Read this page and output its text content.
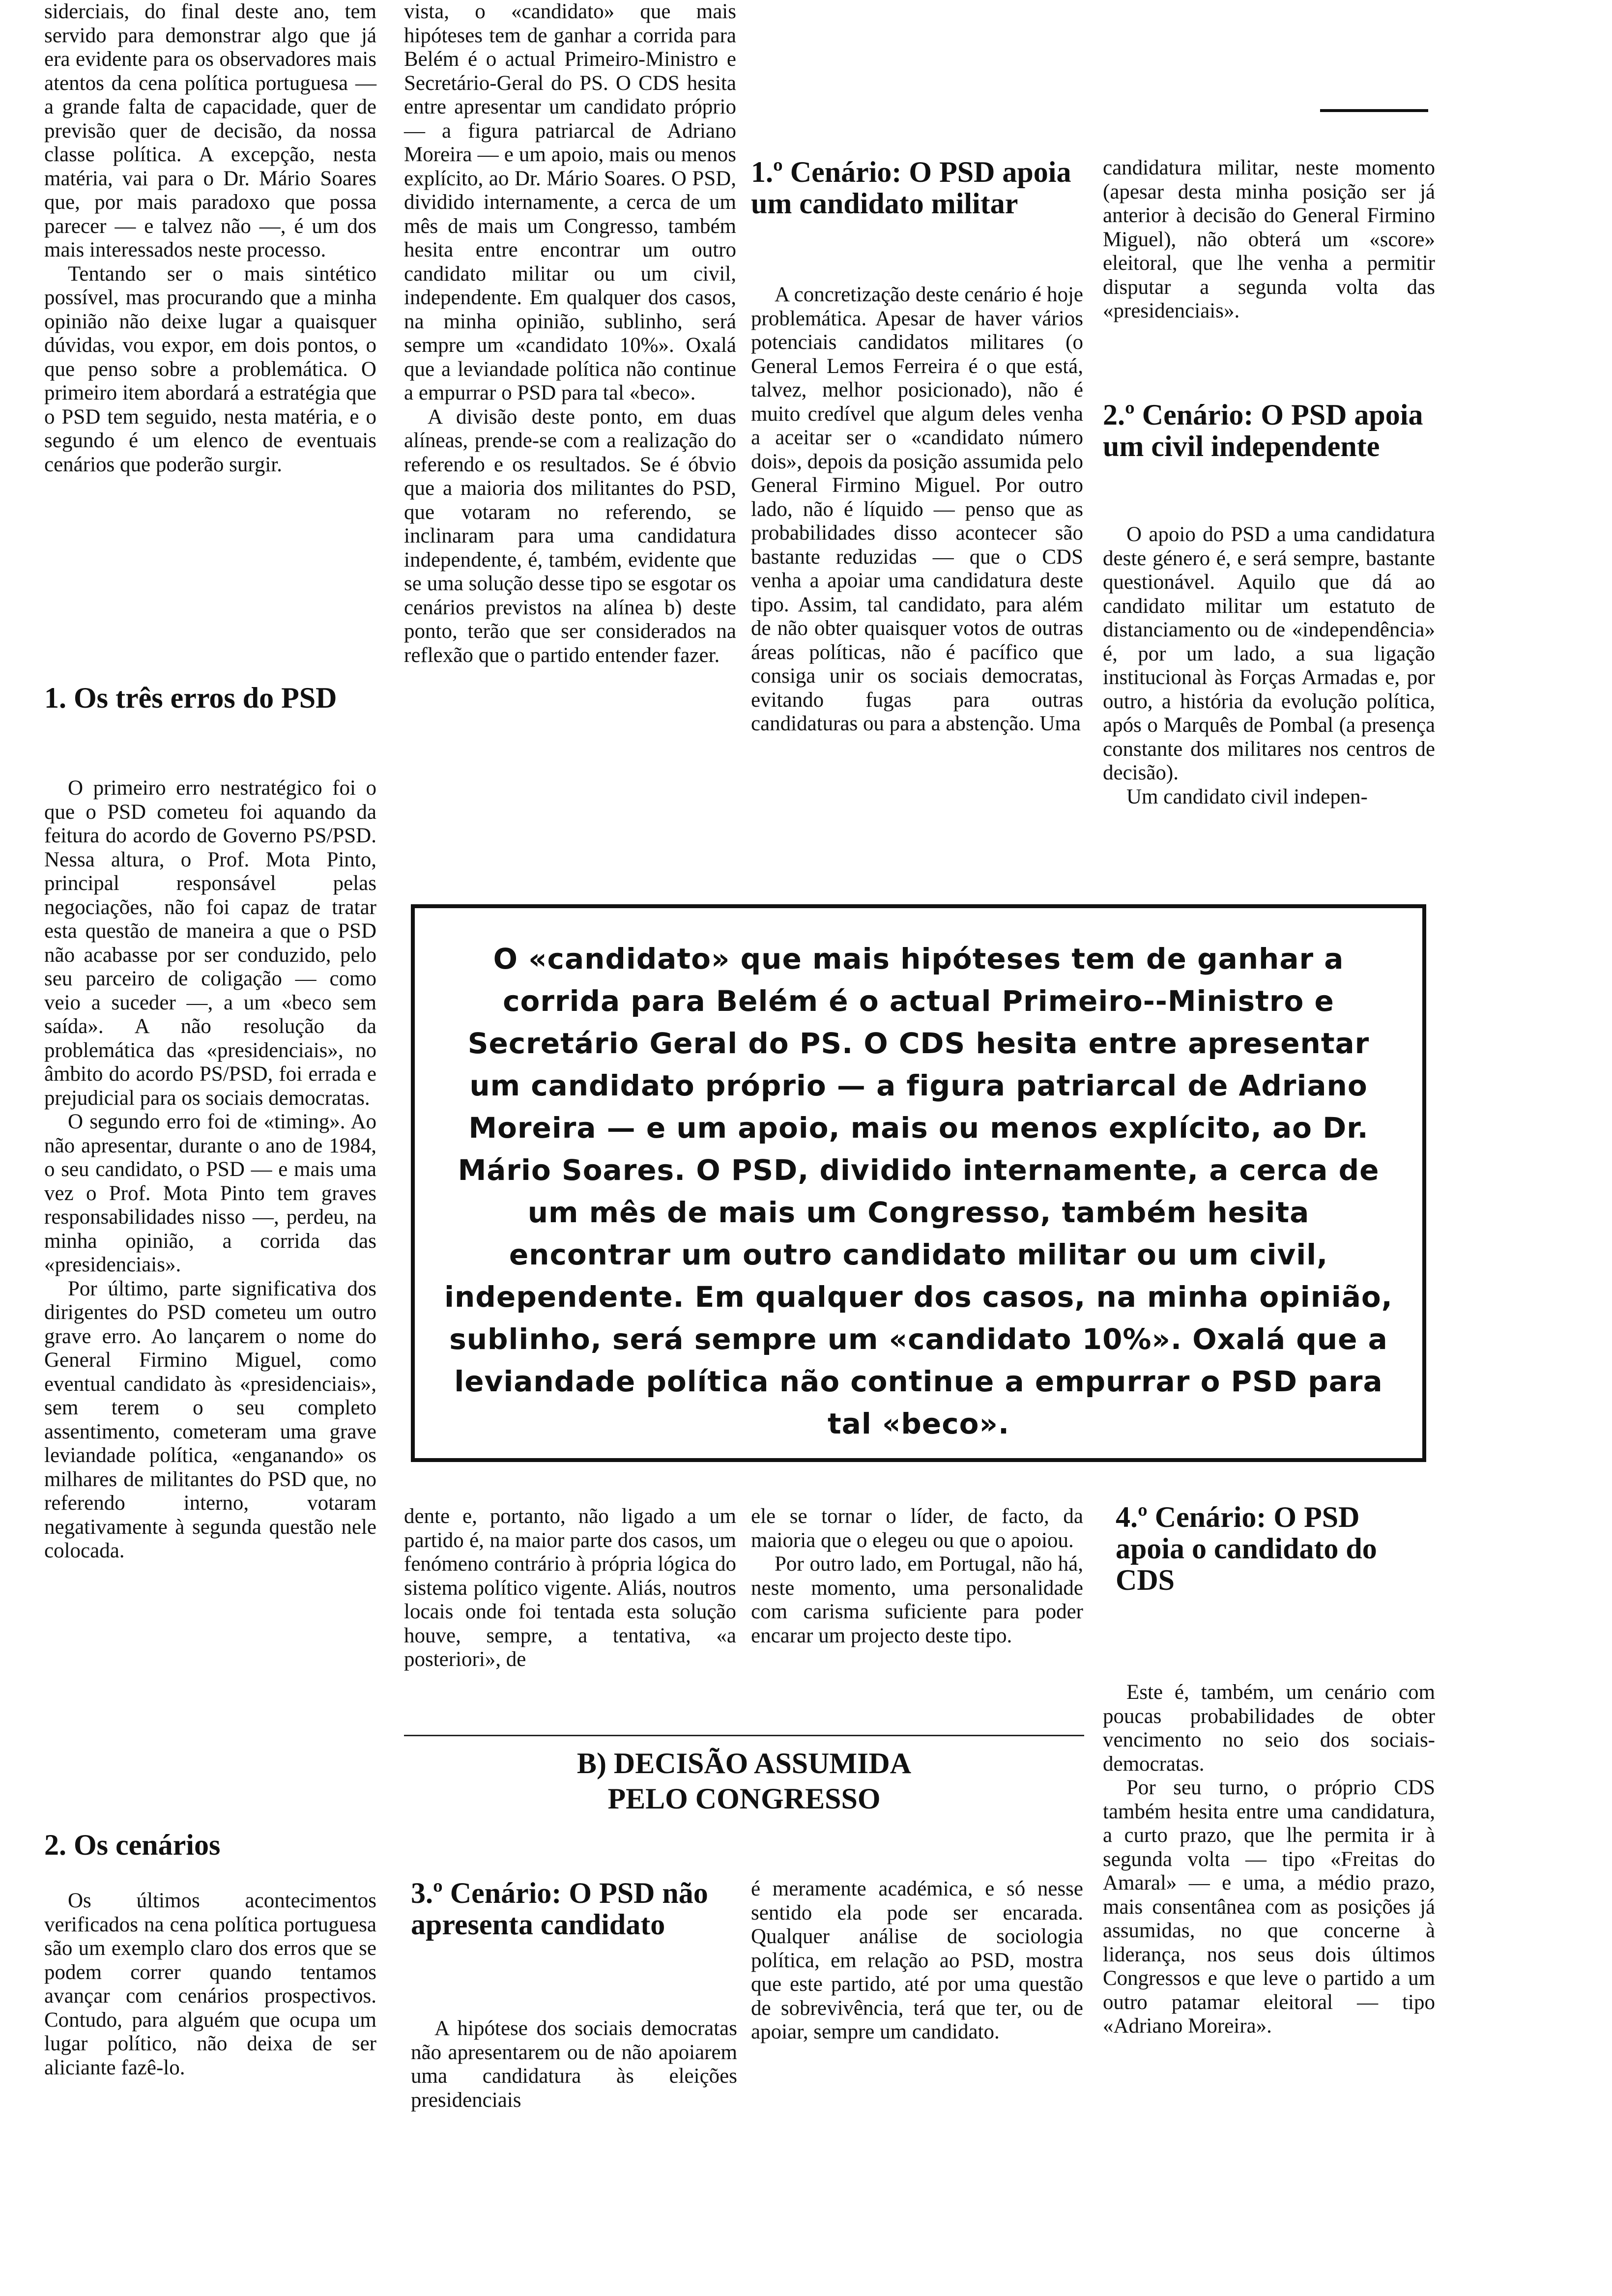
siderciais, do final deste ano, tem servido para demonstrar algo que já era evidente para os observadores mais atentos da cena política portuguesa — a grande falta de capacidade, quer de previsão quer de decisão, da nossa classe política. A excepção, nesta matéria, vai para o Dr. Mário Soares que, por mais paradoxo que possa parecer — e talvez não —, é um dos mais interessados neste processo.

Tentando ser o mais sintético possível, mas procurando que a minha opinião não deixe lugar a quaisquer dúvidas, vou expor, em dois pontos, o que penso sobre a problemática. O primeiro item abordará a estratégia que o PSD tem seguido, nesta matéria, e o segundo é um elenco de eventuais cenários que poderão surgir.

1. Os três erros do PSD

O primeiro erro nestratégico foi o que o PSD cometeu foi aquando da feitura do acordo de Governo PS/PSD. Nessa altura, o Prof. Mota Pinto, principal responsável pelas negociações, não foi capaz de tratar esta questão de maneira a que o PSD não acabasse por ser conduzido, pelo seu parceiro de coligação — como veio a suceder —, a um «beco sem saída». A não resolução da problemática das «presidenciais», no âmbito do acordo PS/PSD, foi errada e prejudicial para os sociais democratas.

O segundo erro foi de «timing». Ao não apresentar, durante o ano de 1984, o seu candidato, o PSD — e mais uma vez o Prof. Mota Pinto tem graves responsabilidades nisso —, perdeu, na minha opinião, a corrida das «presidenciais».

Por último, parte significativa dos dirigentes do PSD cometeu um outro grave erro. Ao lançarem o nome do General Firmino Miguel, como eventual candidato às «presidenciais», sem terem o seu completo assentimento, cometeram uma grave leviandade política, «enganando» os milhares de militantes do PSD que, no referendo interno, votaram negativamente à segunda questão nele colocada.

2. Os cenários

Os últimos acontecimentos verificados na cena política portuguesa são um exemplo claro dos erros que se podem correr quando tentamos avançar com cenários prospectivos. Contudo, para alguém que ocupa um lugar político, não deixa de ser aliciante fazê-lo.

vista, o «candidato» que mais hipóteses tem de ganhar a corrida para Belém é o actual Primeiro-Ministro e Secretário-Geral do PS. O CDS hesita entre apresentar um candidato próprio — a figura patriarcal de Adriano Moreira — e um apoio, mais ou menos explícito, ao Dr. Mário Soares. O PSD, dividido internamente, a cerca de um mês de mais um Congresso, também hesita entre encontrar um outro candidato militar ou um civil, independente. Em qualquer dos casos, na minha opinião, sublinho, será sempre um «candidato 10%». Oxalá que a leviandade política não continue a empurrar o PSD para tal «beco».

A divisão deste ponto, em duas alíneas, prende-se com a realização do referendo e os resultados. Se é óbvio que a maioria dos militantes do PSD, que votaram no referendo, se inclinaram para uma candidatura independente, é, também, evidente que se uma solução desse tipo se esgotar os cenários previstos na alínea b) deste ponto, terão que ser considerados na reflexão que o partido entender fazer.

dente e, portanto, não ligado a um partido é, na maior parte dos casos, um fenómeno contrário à própria lógica do sistema político vigente. Aliás, noutros locais onde foi tentada esta solução houve, sempre, a tentativa, «a posteriori», de

1.º Cenário: O PSD apoia um candidato militar

A concretização deste cenário é hoje problemática. Apesar de haver vários potenciais candidatos militares (o General Lemos Ferreira é o que está, talvez, melhor posicionado), não é muito credível que algum deles venha a aceitar ser o «candidato número dois», depois da posição assumida pelo General Firmino Miguel. Por outro lado, não é líquido — penso que as probabilidades disso acontecer são bastante reduzidas — que o CDS venha a apoiar uma candidatura deste tipo. Assim, tal candidato, para além de não obter quaisquer votos de outras áreas políticas, não é pacífico que consiga unir os sociais democratas, evitando fugas para outras candidaturas ou para a abstenção. Uma

ele se tornar o líder, de facto, da maioria que o elegeu ou que o apoiou.

Por outro lado, em Portugal, não há, neste momento, uma personalidade com carisma suficiente para poder encarar um projecto deste tipo.

candidatura militar, neste momento (apesar desta minha posição ser já anterior à decisão do General Firmino Miguel), não obterá um «score» eleitoral, que lhe venha a permitir disputar a segunda volta das «presidenciais».

2.º Cenário: O PSD apoia um civil independente

O apoio do PSD a uma candidatura deste género é, e será sempre, bastante questionável. Aquilo que dá ao candidato militar um estatuto de distanciamento ou de «independência» é, por um lado, a sua ligação institucional às Forças Armadas e, por outro, a história da evolução política, após o Marquês de Pombal (a presença constante dos militares nos centros de decisão).

Um candidato civil indepen-

4.º Cenário: O PSD apoia o candidato do CDS

Este é, também, um cenário com poucas probabilidades de obter vencimento no seio dos sociais-democratas.

Por seu turno, o próprio CDS também hesita entre uma candidatura, a curto prazo, que lhe permita ir à segunda volta — tipo «Freitas do Amaral» — e uma, a médio prazo, mais consentânea com as posições já assumidas, no que concerne à liderança, nos seus dois últimos Congressos e que leve o partido a um outro patamar eleitoral — tipo «Adriano Moreira».

O «candidato» que mais hipóteses tem de ganhar a corrida para Belém é o actual Primeiro--Ministro e Secretário Geral do PS. O CDS hesita entre apresentar um candidato próprio — a figura patriarcal de Adriano Moreira — e um apoio, mais ou menos explícito, ao Dr. Mário Soares. O PSD, dividido internamente, a cerca de um mês de mais um Congresso, também hesita encontrar um outro candidato militar ou um civil, independente. Em qualquer dos casos, na minha opinião, sublinho, será sempre um «candidato 10%». Oxalá que a leviandade política não continue a empurrar o PSD para tal «beco».

B) DECISÃO ASSUMIDA
PELO CONGRESSO
3.º Cenário: O PSD não apresenta candidato

A hipótese dos sociais democratas não apresentarem ou de não apoiarem uma candidatura às eleições presidenciais

é meramente académica, e só nesse sentido ela pode ser encarada. Qualquer análise de sociologia política, em relação ao PSD, mostra que este partido, até por uma questão de sobrevivência, terá que ter, ou de apoiar, sempre um candidato.
